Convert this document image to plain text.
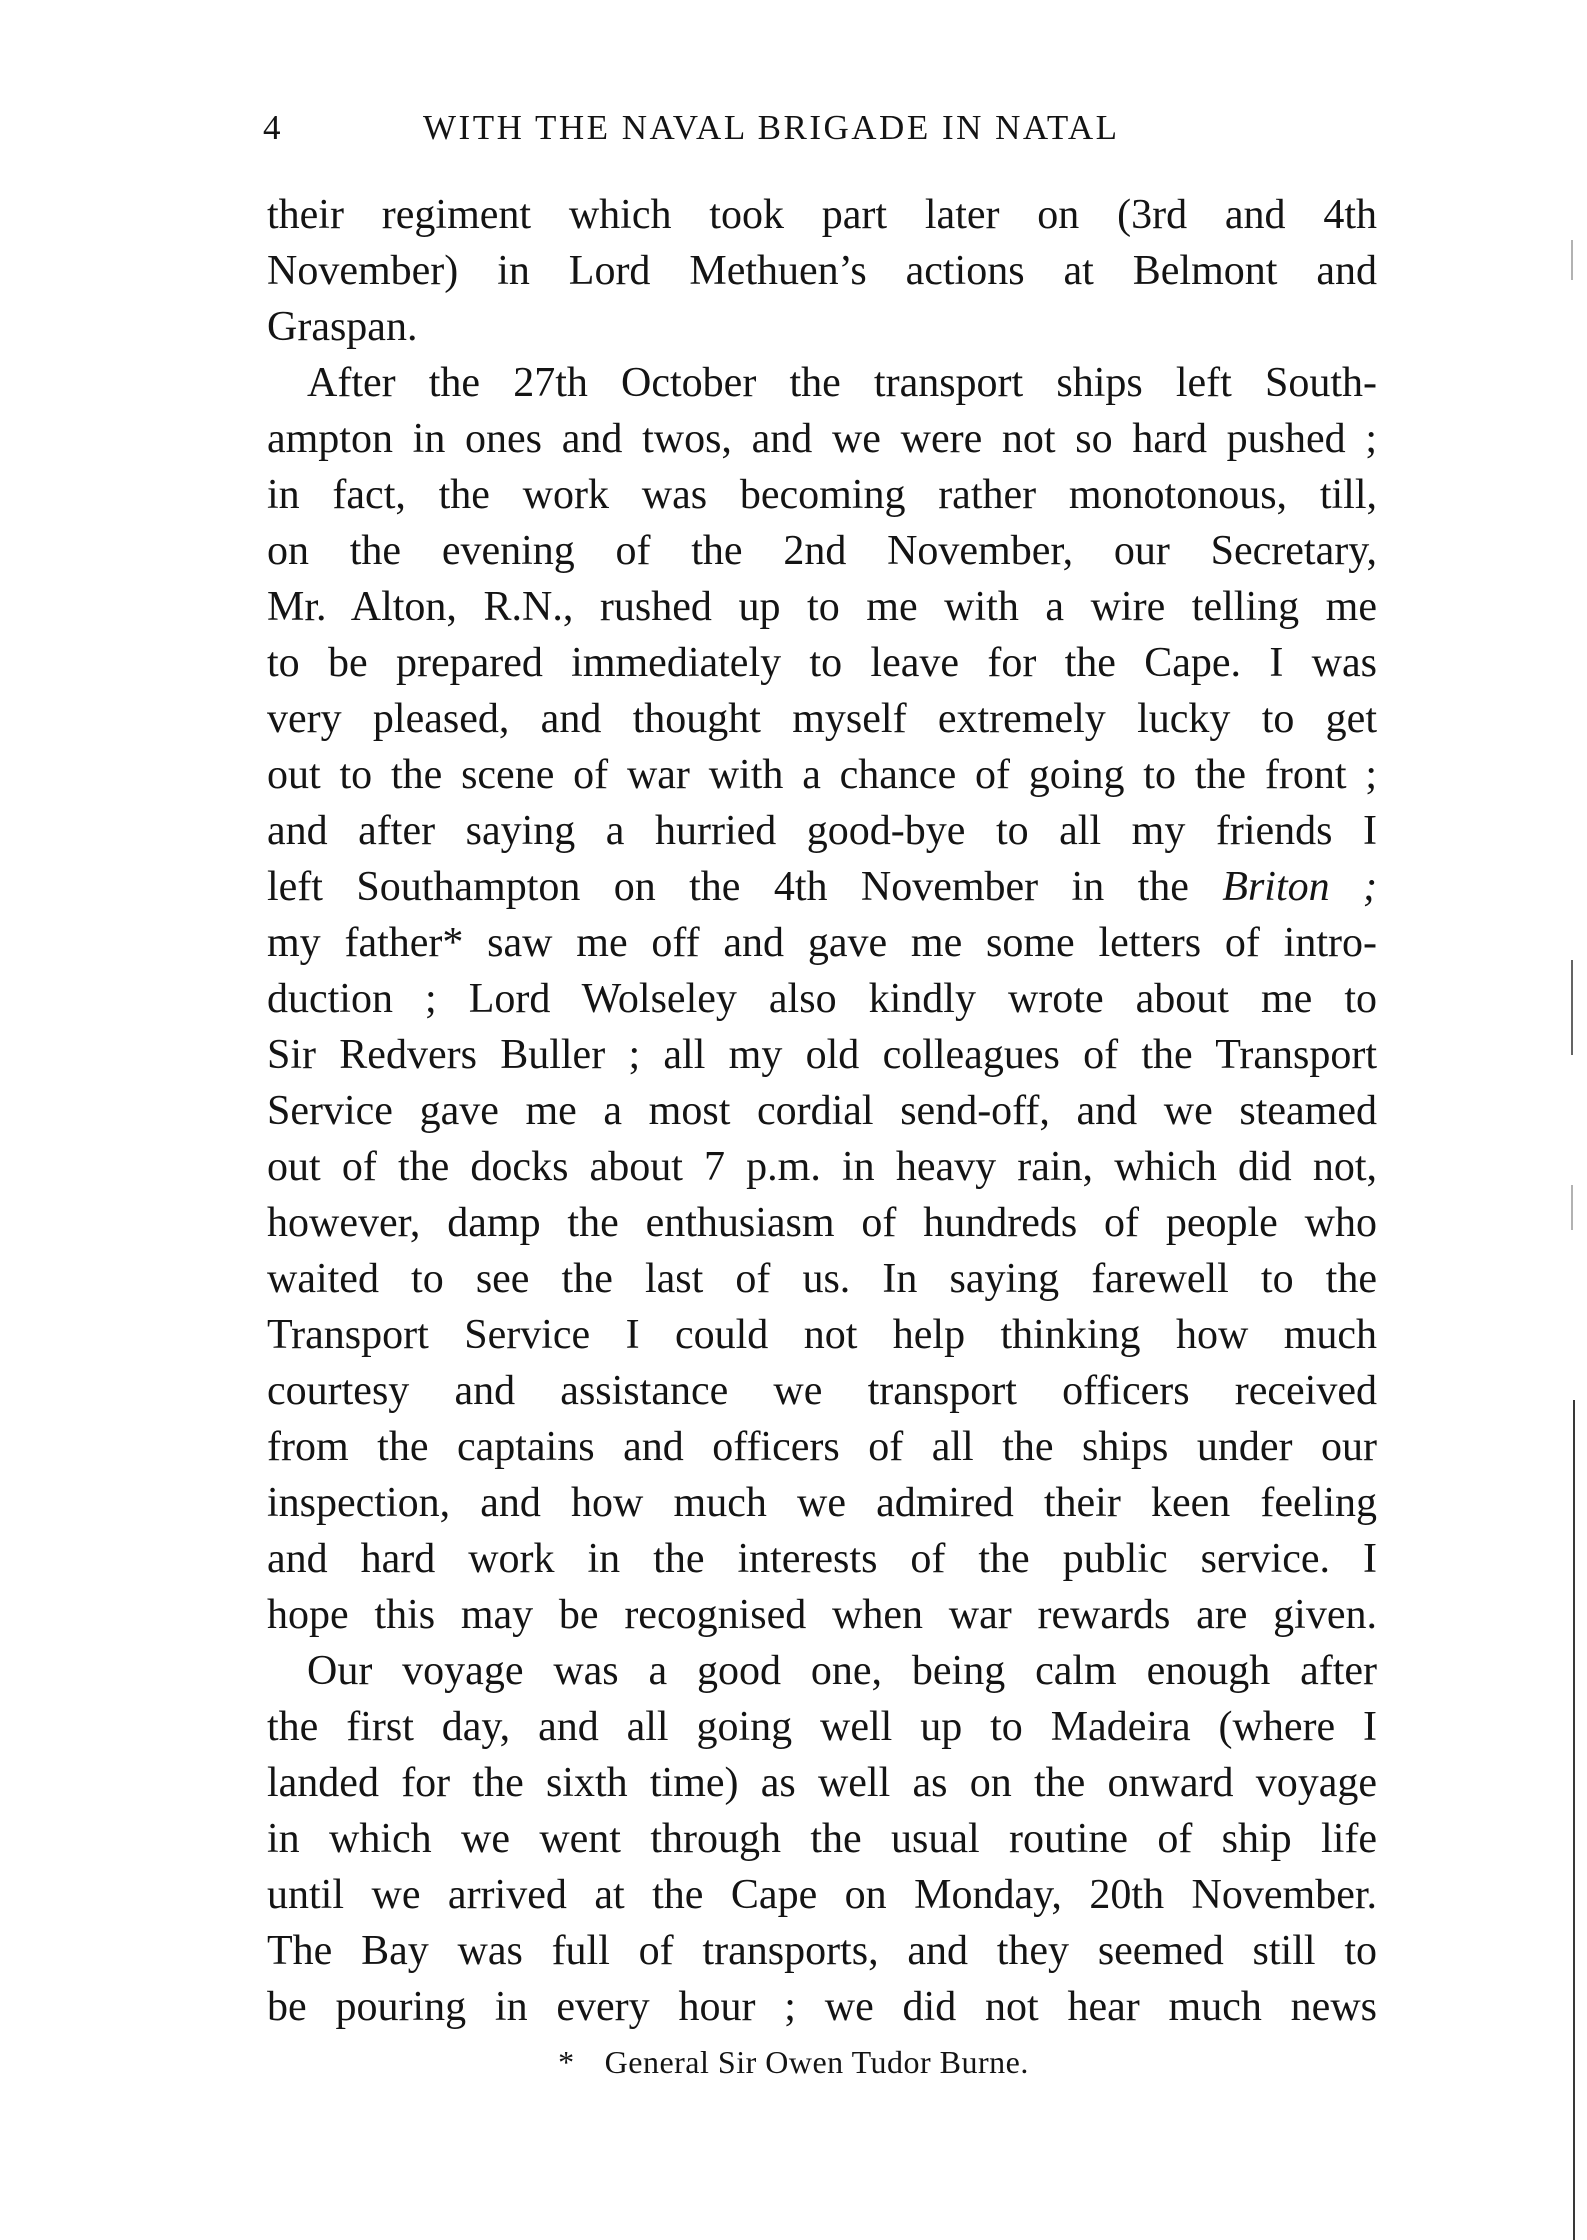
4	WITH THE NAVAL BRIGADE IN NATAL
their regiment which took part later on (3rd and 4th
November) in Lord Methuen’s actions at Belmont and
Graspan.
After the 27th October the transport ships left South-
ampton in ones and twos, and we were not so hard pushed ;
in fact, the work was becoming rather monotonous, till,
on the evening of the 2nd November, our Secretary,
Mr. Alton, R.N., rushed up to me with a wire telling me
to be prepared immediately to leave for the Cape. I was
very pleased, and thought myself extremely lucky to get
out to the scene of war with a chance of going to the front ;
and after saying a hurried good-bye to all my friends I
left Southampton on the 4th November in the Briton ;
my father* saw me off and gave me some letters of intro-
duction ; Lord Wolseley also kindly wrote about me to
Sir Redvers Buller ; all my old colleagues of the Transport
Service gave me a most cordial send-off, and we steamed
out of the docks about 7 p.m. in heavy rain, which did not,
however, damp the enthusiasm of hundreds of people who
waited to see the last of us. In saying farewell to the
Transport Service I could not help thinking how much
courtesy and assistance we transport officers received
from the captains and officers of all the ships under our
inspection, and how much we admired their keen feeling
and hard work in the interests of the public service. I
hope this may be recognised when war rewards are given.
Our voyage was a good one, being calm enough after
the first day, and all going well up to Madeira (where I
landed for the sixth time) as well as on the onward voyage
in which we went through the usual routine of ship life
until we arrived at the Cape on Monday, 20th November.
The Bay was full of transports, and they seemed still to
be pouring in every hour ; we did not hear much news
* General Sir Owen Tudor Burne.
